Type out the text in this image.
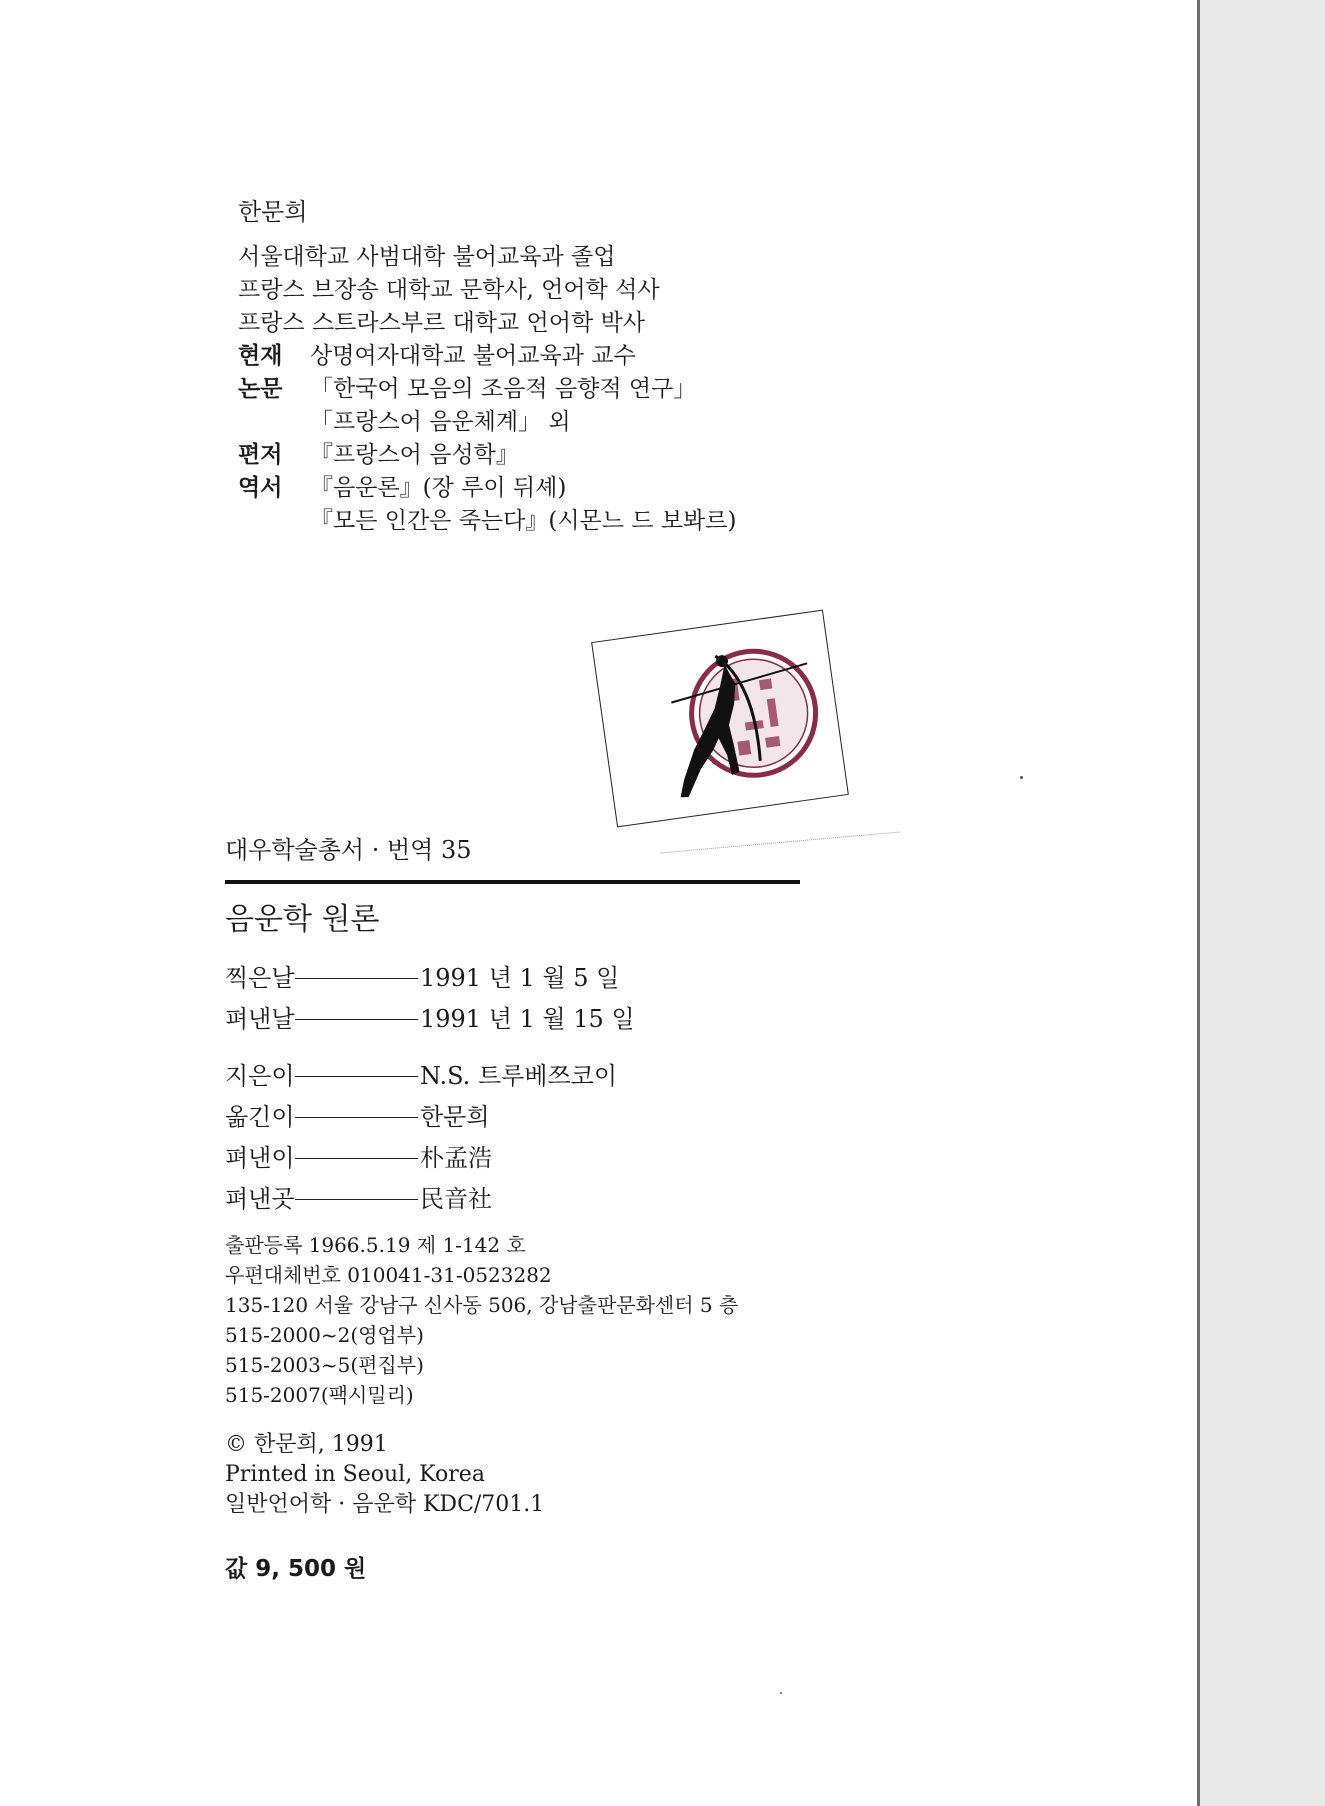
한문희
서울대학교 사범대학 불어교육과 졸업
프랑스 브장송 대학교 문학사, 언어학 석사
프랑스 스트라스부르 대학교 언어학 박사
현재 상명여자대학교 불어교육과 교수
논문 「한국어 모음의 조음적 음향적 연구」
「프랑스어 음운체계」 외
편저 『프랑스어 음성학』
역서 『음운론』(장 루이 뒤셰)
『모든 인간은 죽는다』(시몬느 드 보봐르)
대우학술총서 · 번역 35
음운학 원론
찍은날	1991 년 1 월 5 일
펴낸날	1991 년 1 월 15 일
지은이	N.S. 트루베쯔코이
옮긴이	한문희
펴낸이	朴孟浩
펴낸곳	民音社
출판등록 1966.5.19 제 1-142 호
우편대체번호 010041-31-0523282
135-120 서울 강남구 신사동 506, 강남출판문화센터 5 층
515-2000~2(영업부)
515-2003~5(편집부)
515-2007(팩시밀리)
© 한문희, 1991
Printed in Seoul, Korea
일반언어학 · 음운학 KDC/701.1
값 9, 500 원
